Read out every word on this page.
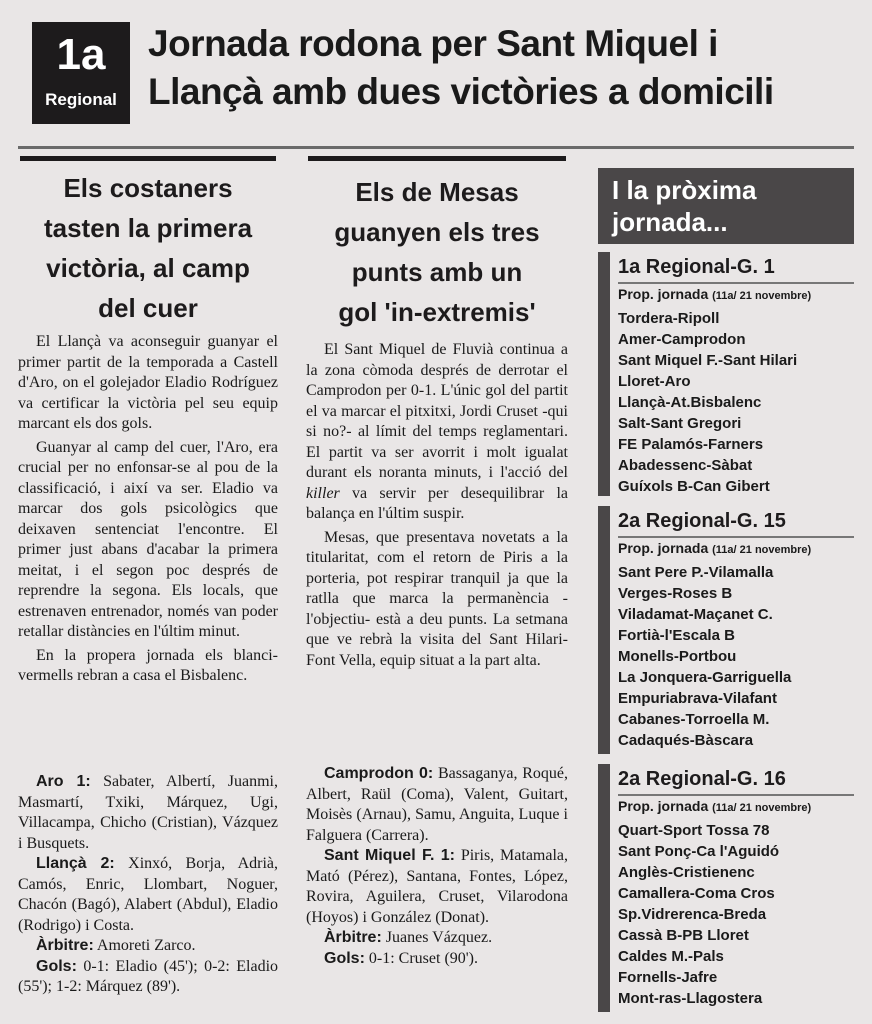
1a
Regional
Jornada rodona per Sant Miquel i
Llançà amb dues victòries a domicili
Els costaners
tasten la primera
victòria, al camp
del cuer

El Llançà va aconseguir guanyar el primer partit de la temporada a Castell d'Aro, on el golejador Eladio Rodríguez va certificar la victòria pel seu equip marcant els dos gols.

Guanyar al camp del cuer, l'Aro, era crucial per no enfonsar-se al pou de la classificació, i així va ser. Eladio va marcar dos gols psicològics que deixaven sentenciat l'encontre. El primer just abans d'acabar la primera meitat, i el segon poc després de reprendre la segona. Els locals, que estrenaven entrenador, només van poder retallar distàncies en l'últim minut.

En la propera jornada els blanci-vermells rebran a casa el Bisbalenc.

Aro 1: Sabater, Albertí, Juanmi, Masmartí, Txiki, Márquez, Ugi, Villacampa, Chicho (Cristian), Vázquez i Busquets.

Llançà 2: Xinxó, Borja, Adrià, Camós, Enric, Llombart, Noguer, Chacón (Bagó), Alabert (Abdul), Eladio (Rodrigo) i Costa.

Àrbitre: Amoreti Zarco.

Gols: 0-1: Eladio (45'); 0-2: Eladio (55'); 1-2: Márquez (89').

Els de Mesas
guanyen els tres
punts amb un
gol 'in-extremis'

El Sant Miquel de Fluvià continua a la zona còmoda després de derrotar el Camprodon per 0-1. L'únic gol del partit el va marcar el pitxitxi, Jordi Cruset -qui si no?- al límit del temps reglamentari. El partit va ser avorrit i molt igualat durant els noranta minuts, i l'acció del killer va servir per desequilibrar la balança en l'últim suspir.

Mesas, que presentava novetats a la titularitat, com el retorn de Piris a la porteria, pot respirar tranquil ja que la ratlla que marca la permanència -l'objectiu- està a deu punts. La setmana que ve rebrà la visita del Sant Hilari-Font Vella, equip situat a la part alta.

Camprodon 0: Bassaganya, Roqué, Albert, Raül (Coma), Valent, Guitart, Moisès (Arnau), Samu, Anguita, Luque i Falguera (Carrera).

Sant Miquel F. 1: Piris, Matamala, Mató (Pérez), Santana, Fontes, López, Rovira, Aguilera, Cruset, Vilarodona (Hoyos) i González (Donat).

Àrbitre: Juanes Vázquez.

Gols: 0-1: Cruset (90').

I la pròxima
jornada...
1a Regional-G. 1
Prop. jornada (11a/ 21 novembre)
Tordera-Ripoll
Amer-Camprodon
Sant Miquel F.-Sant Hilari
Lloret-Aro
Llançà-At.Bisbalenc
Salt-Sant Gregori
FE Palamós-Farners
Abadessenc-Sàbat
Guíxols B-Can Gibert
2a Regional-G. 15
Prop. jornada (11a/ 21 novembre)
Sant Pere P.-Vilamalla
Verges-Roses B
Viladamat-Maçanet C.
Fortià-l'Escala B
Monells-Portbou
La Jonquera-Garriguella
Empuriabrava-Vilafant
Cabanes-Torroella M.
Cadaqués-Bàscara
2a Regional-G. 16
Prop. jornada (11a/ 21 novembre)
Quart-Sport Tossa 78
Sant Ponç-Ca l'Aguidó
Anglès-Cristienenc
Camallera-Coma Cros
Sp.Vidrerenca-Breda
Cassà B-PB Lloret
Caldes M.-Pals
Fornells-Jafre
Mont-ras-Llagostera
